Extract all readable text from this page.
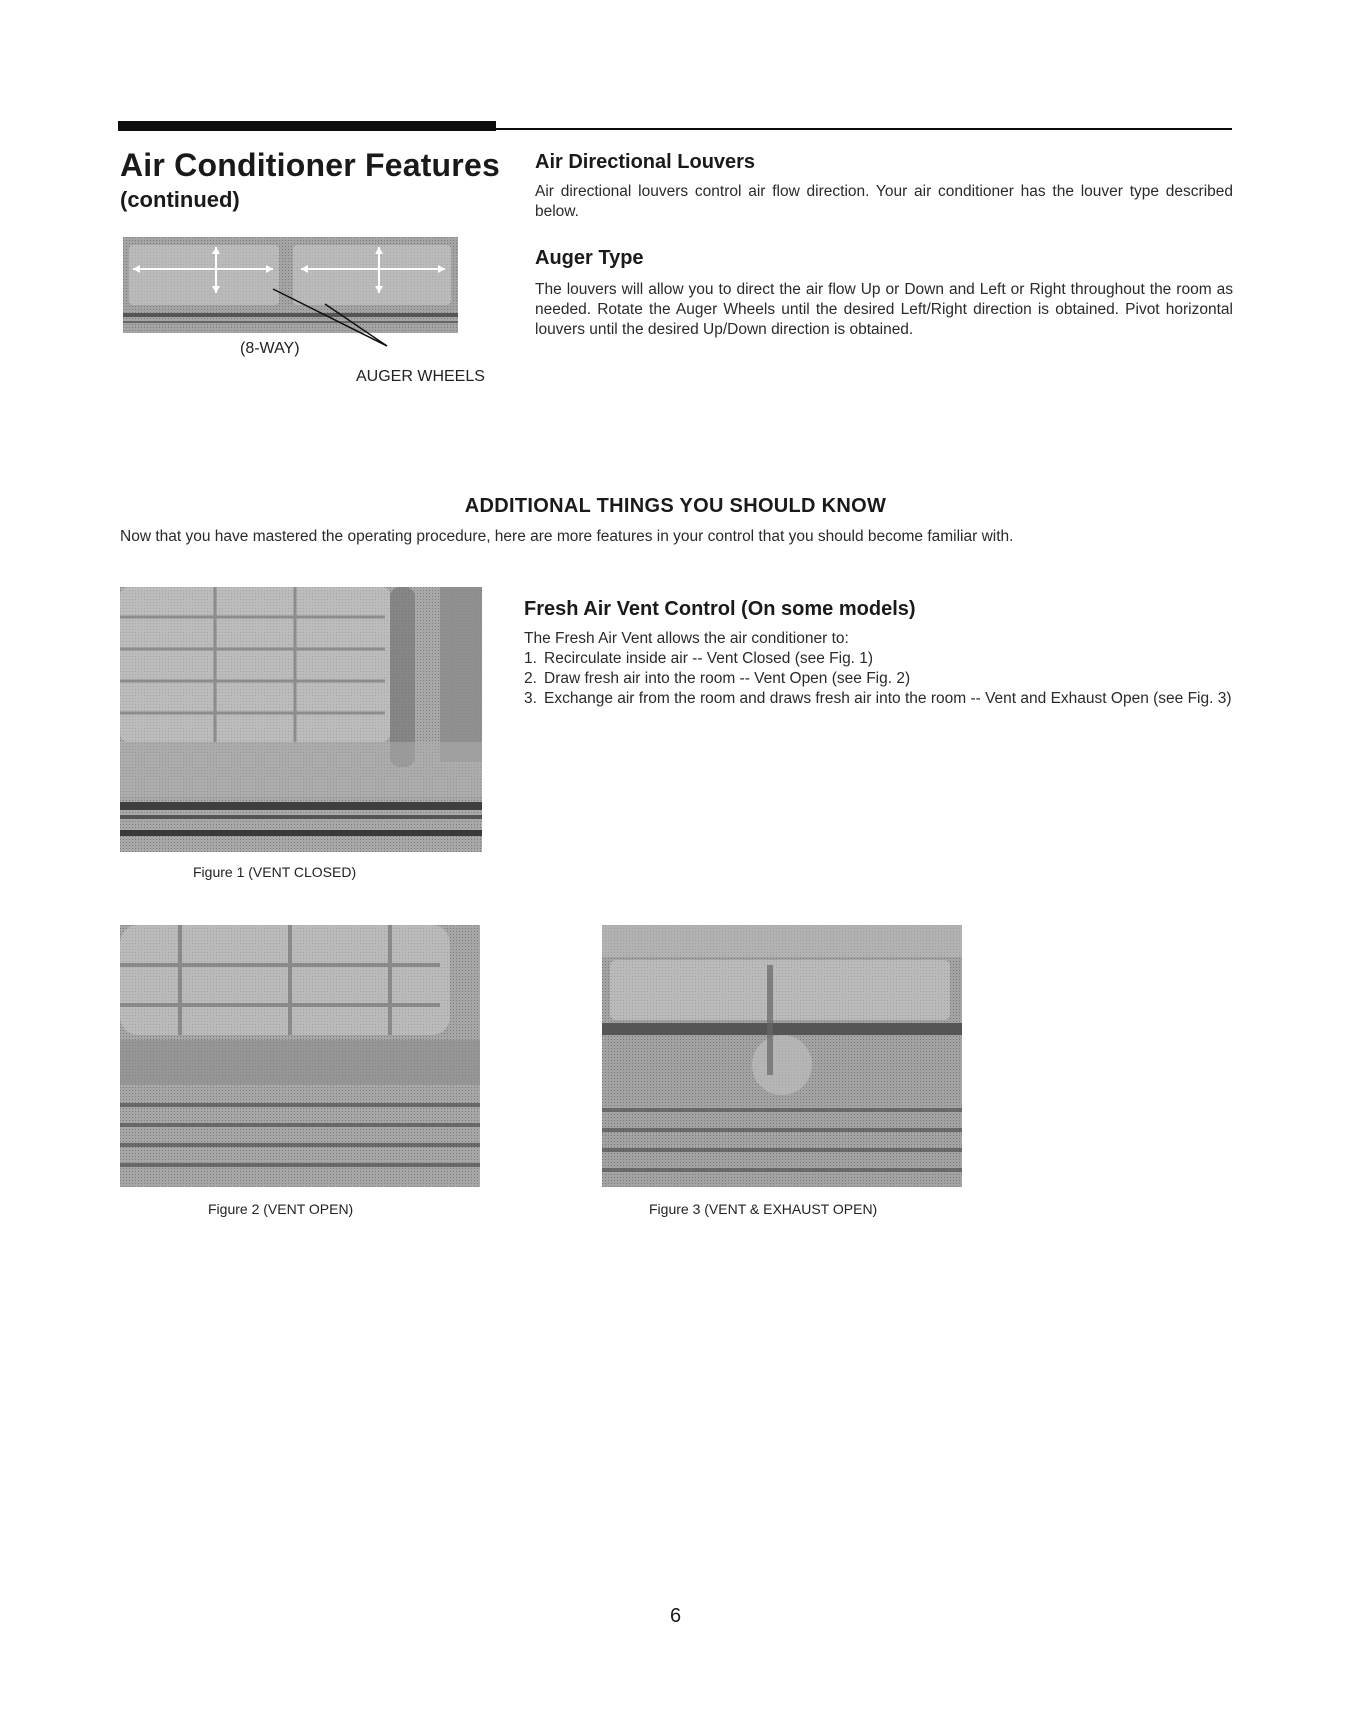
Air Conditioner Features
(continued)
(8-WAY)
AUGER WHEELS
Air Directional Louvers
Air directional louvers control air flow direction. Your air conditioner has the louver type described below.
Auger Type
The louvers will allow you to direct the air flow Up or Down and Left or Right throughout the room as needed. Rotate the Auger Wheels until the desired Left/Right direction is obtained. Pivot horizontal louvers until the desired Up/Down direction is obtained.
ADDITIONAL THINGS YOU SHOULD KNOW
Now that you have mastered the operating procedure, here are more features in your control that you should become familiar with.
Figure 1 (VENT CLOSED)
Fresh Air Vent Control (On some models)
The Fresh Air Vent allows the air conditioner to:
1. Recirculate inside air -- Vent Closed (see Fig. 1)
2. Draw fresh air into the room -- Vent Open (see Fig. 2)
3. Exchange air from the room and draws fresh air into the room -- Vent and Exhaust Open (see Fig. 3)
Figure 2 (VENT OPEN)	Figure 3 (VENT & EXHAUST OPEN)
6
